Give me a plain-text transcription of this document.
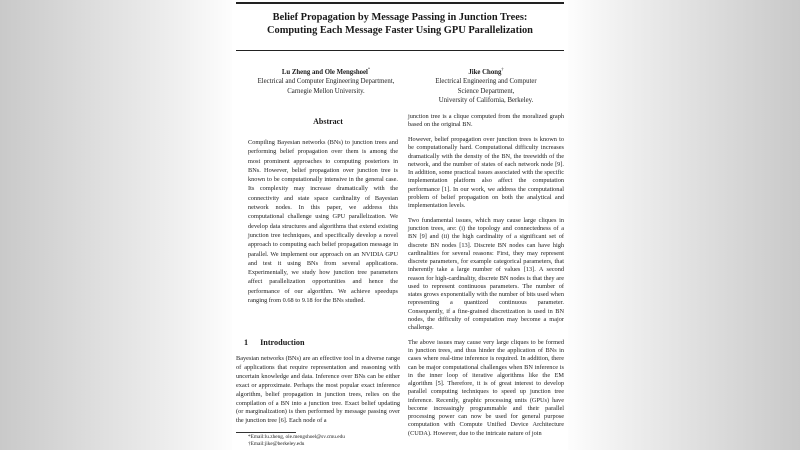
Belief Propagation by Message Passing in Junction Trees:
Computing Each Message Faster Using GPU Parallelization
Lu Zheng and Ole Mengshoel*
Electrical and Computer Engineering Department,
Carnegie Mellon University.
Jike Chong†
Electrical Engineering and Computer
Science Department,
University of California, Berkeley.
Abstract

Compiling Bayesian networks (BNs) to junction trees and performing belief propagation over them is among the most prominent approaches to computing posteriors in BNs. However, belief propagation over junction tree is known to be computationally intensive in the general case. Its complexity may increase dramatically with the connectivity and state space cardinality of Bayesian network nodes. In this paper, we address this computational challenge using GPU parallelization. We develop data structures and algorithms that extend existing junction tree techniques, and specifically develop a novel approach to computing each belief propagation message in parallel. We implement our approach on an NVIDIA GPU and test it using BNs from several applications. Experimentally, we study how junction tree parameters affect parallelization opportunities and hence the performance of our algorithm. We achieve speedups ranging from 0.68 to 9.18 for the BNs studied.

1 Introduction

Bayesian networks (BNs) are an effective tool in a diverse range of applications that require representation and reasoning with uncertain knowledge and data. Inference over BNs can be either exact or approximate. Perhaps the most popular exact inference algorithm, belief propagation in junction trees, relies on the compilation of a BN into a junction tree. Exact belief updating (or marginalization) is then performed by message passing over the junction tree [6]. Each node of a

*Email:lu.zheng, ole.mengshoel@sv.cmu.edu

†Email:jike@berkeley.edu

junction tree is a clique computed from the moralized graph based on the original BN.

However, belief propagation over junction trees is known to be computationally hard. Computational difficulty increases dramatically with the density of the BN, the treewidth of the network, and the number of states of each network node [9]. In addition, some practical issues associated with the specific implementation platform also affect the computation performance [1]. In our work, we address the computational problem of belief propagation on both the analytical and implementation levels.

Two fundamental issues, which may cause large cliques in junction trees, are: (i) the topology and connectedness of a BN [9] and (ii) the high cardinality of a significant set of discrete BN nodes [13]. Discrete BN nodes can have high cardinalities for several reasons: First, they may represent discrete parameters, for example categorical parameters, that inherently take a large number of values [13]. A second reason for high-cardinality, discrete BN nodes is that they are used to represent continuous parameters. The number of states grows exponentially with the number of bits used when representing a quantized continuous parameter. Consequently, if a fine-grained discretization is used in BN nodes, the difficulty of computation may become a major challenge.

The above issues may cause very large cliques to be formed in junction trees, and thus hinder the application of BNs in cases where real-time inference is required. In addition, there can be major computational challenges when BN inference is in the inner loop of iterative algorithms like the EM algorithm [5]. Therefore, it is of great interest to develop parallel computing techniques to speed up junction tree inference. Recently, graphic processing units (GPUs) have become increasingly programmable and their parallel processing power can now be used for general purpose computation with Compute Unified Device Architecture (CUDA). However, due to the intricate nature of join
